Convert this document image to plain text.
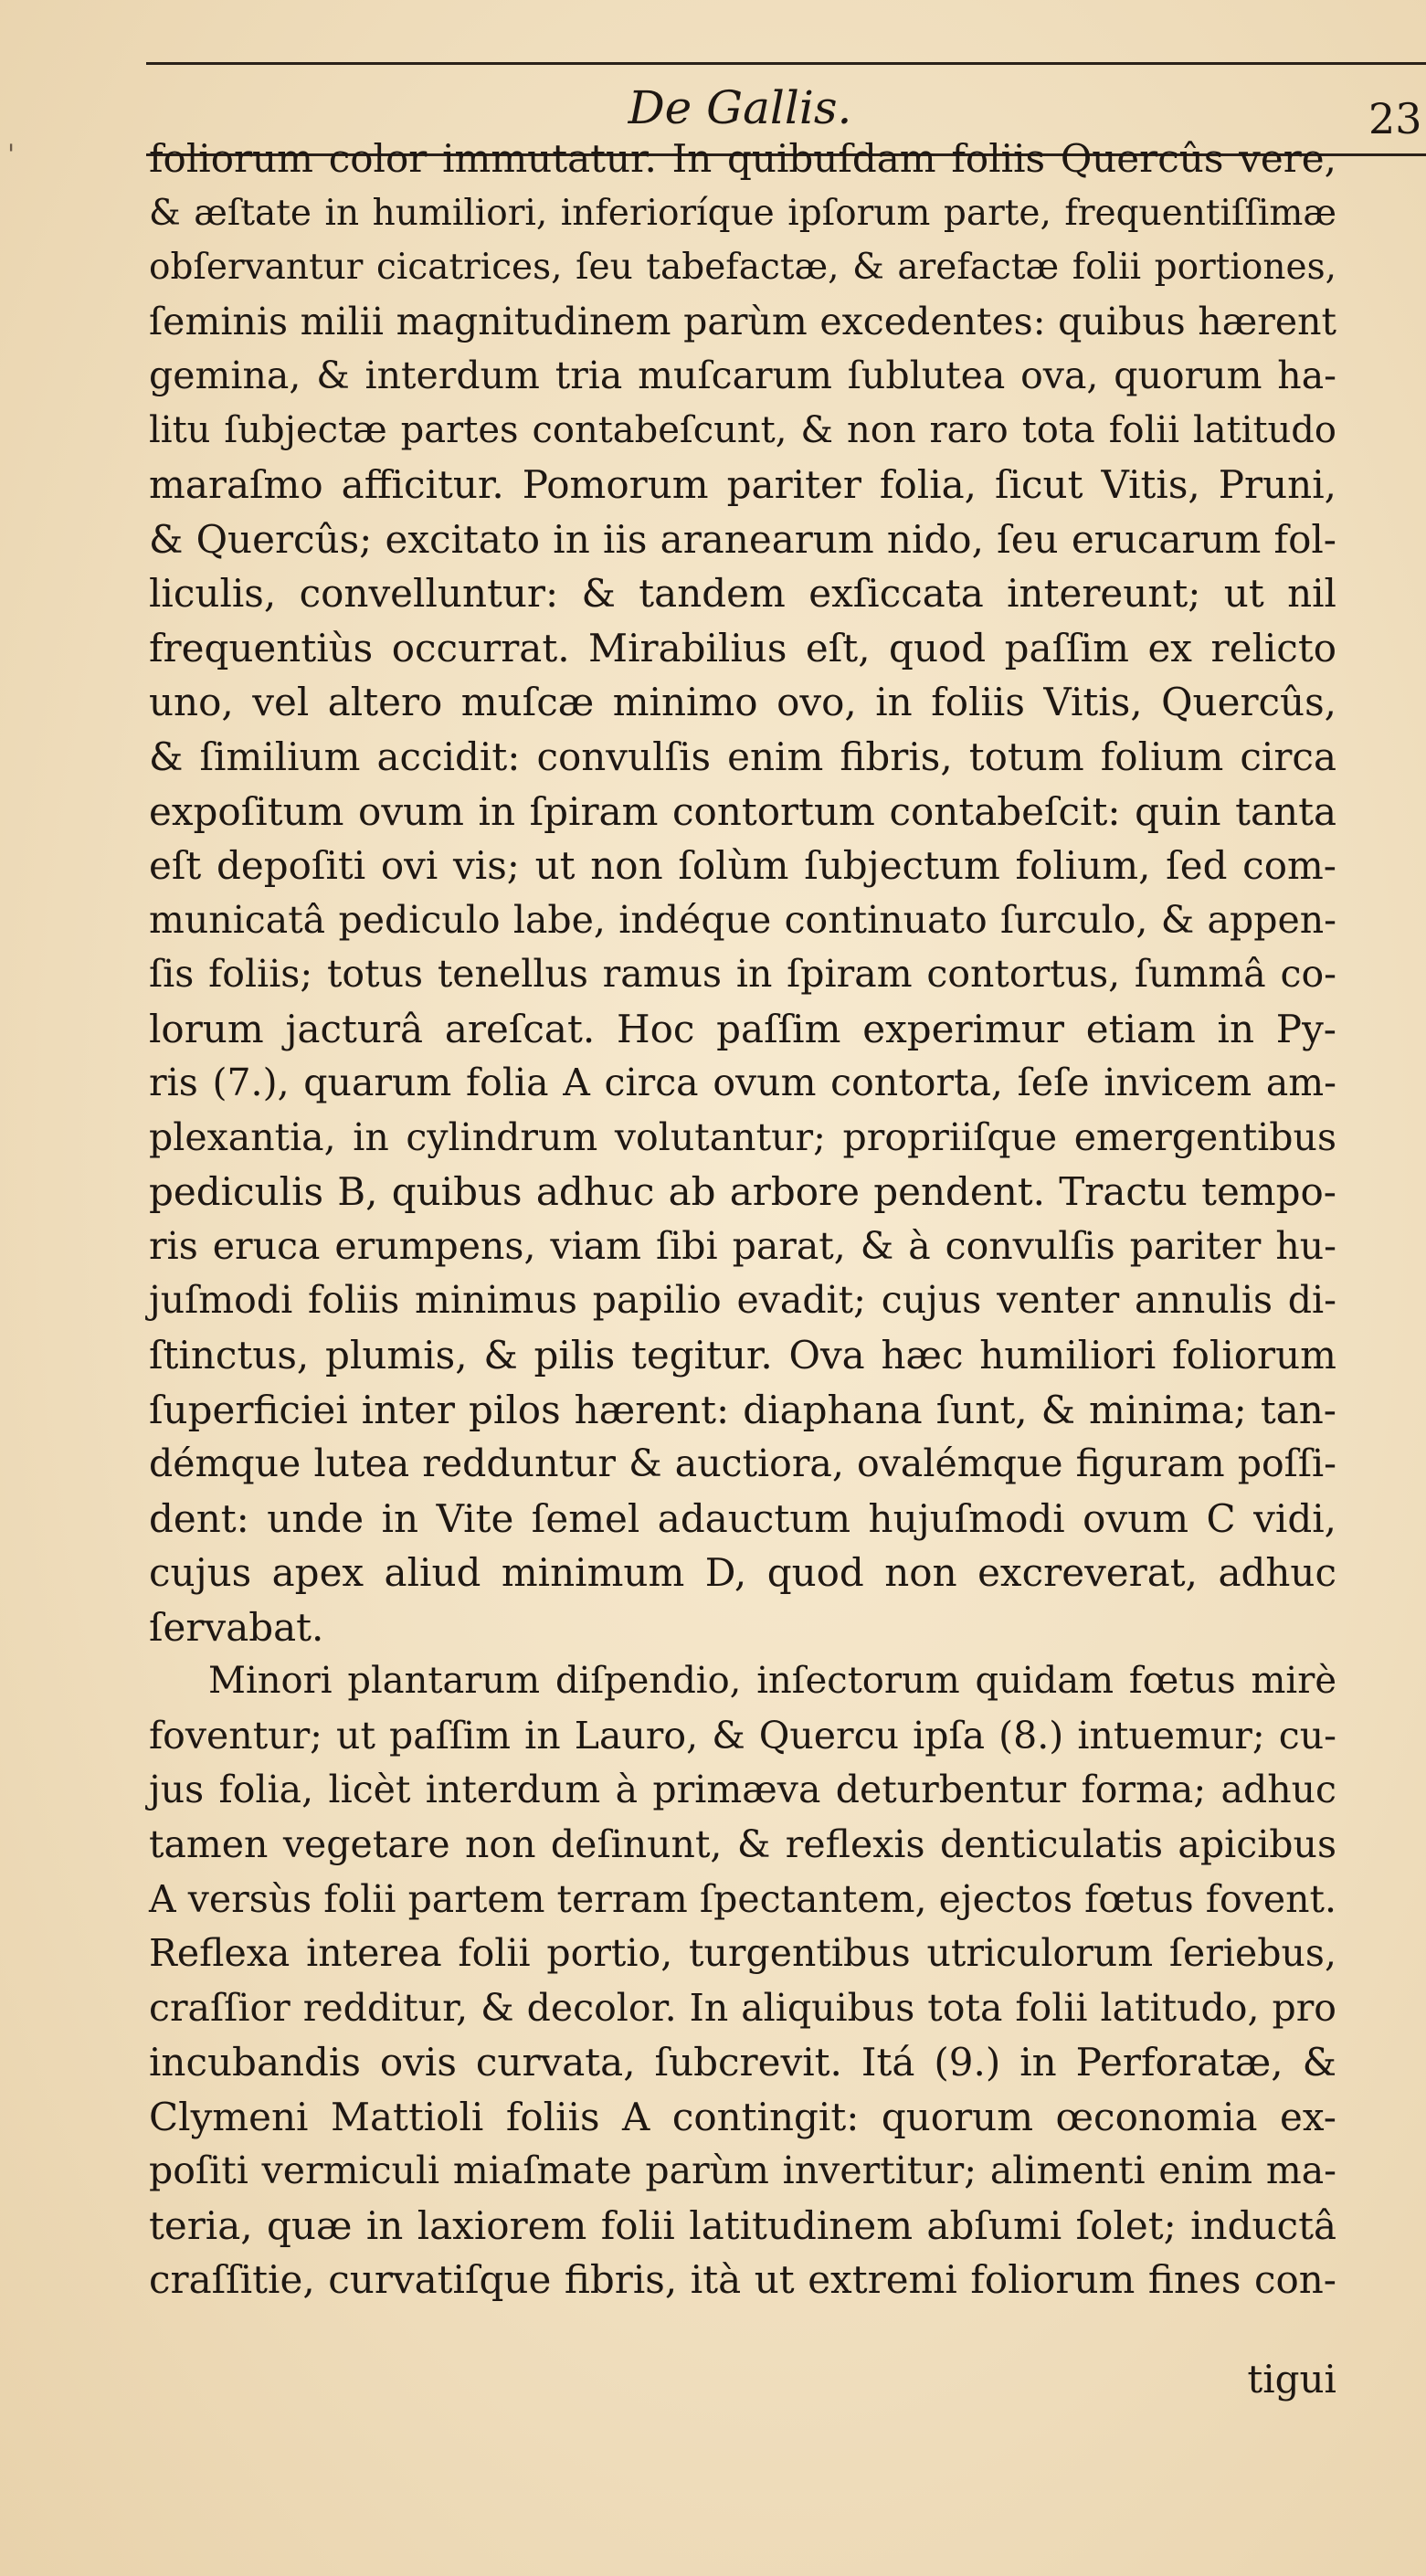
De Gallis.	23
'	foliorum color immutatur. In quibuſdam foliis Quercûs vere,
& æſtate in humiliori, inferioríque ipſorum parte, frequentiſſimæ
obſervantur cicatrices, ſeu tabefactæ, & arefactæ folii portiones,
ſeminis milii magnitudinem parùm excedentes: quibus hærent
gemina, & interdum tria muſcarum ſublutea ova, quorum ha-
litu ſubjectæ partes contabeſcunt, & non raro tota folii latitudo
maraſmo afficitur. Pomorum pariter folia, ſicut Vitis, Pruni,
& Quercûs; excitato in iis aranearum nido, ſeu erucarum fol-
liculis, convelluntur: & tandem exſiccata intereunt; ut nil
frequentiùs occurrat. Mirabilius eſt, quod paſſim ex relicto
uno, vel altero muſcæ minimo ovo, in foliis Vitis, Quercûs,
& ſimilium accidit: convulſis enim fibris, totum folium circa
expoſitum ovum in ſpiram contortum contabeſcit: quin tanta
eſt depoſiti ovi vis; ut non ſolùm ſubjectum folium, ſed com-
municatâ pediculo labe, indéque continuato ſurculo, & appen-
ſis foliis; totus tenellus ramus in ſpiram contortus, ſummâ co-
lorum jacturâ areſcat. Hoc paſſim experimur etiam in Py-
ris (7.), quarum folia A circa ovum contorta, ſeſe invicem am-
plexantia, in cylindrum volutantur; propriiſque emergentibus
pediculis B, quibus adhuc ab arbore pendent. Tractu tempo-
ris eruca erumpens, viam ſibi parat, & à convulſis pariter hu-
juſmodi foliis minimus papilio evadit; cujus venter annulis di-
ſtinctus, plumis, & pilis tegitur. Ova hæc humiliori foliorum
ſuperficiei inter pilos hærent: diaphana ſunt, & minima; tan-
démque lutea redduntur & auctiora, ovalémque figuram poſſi-
dent: unde in Vite ſemel adauctum hujuſmodi ovum C vidi,
cujus apex aliud minimum D, quod non excreverat, adhuc
ſervabat.
Minori plantarum diſpendio, inſectorum quidam fœtus mirè
foventur; ut paſſim in Lauro, & Quercu ipſa (8.) intuemur; cu-
jus folia, licèt interdum à primæva deturbentur forma; adhuc
tamen vegetare non deſinunt, & reflexis denticulatis apicibus
A versùs folii partem terram ſpectantem, ejectos fœtus fovent.
Reflexa interea folii portio, turgentibus utriculorum ſeriebus,
craſſior redditur, & decolor. In aliquibus tota folii latitudo, pro
incubandis ovis curvata, ſubcrevit. Itá (9.) in Perforatæ, &
Clymeni Mattioli foliis A contingit: quorum œconomia ex-
poſiti vermiculi miaſmate parùm invertitur; alimenti enim ma-
teria, quæ in laxiorem folii latitudinem abſumi ſolet; inductâ
craſſitie, curvatiſque fibris, ità ut extremi foliorum fines con-
tigui
